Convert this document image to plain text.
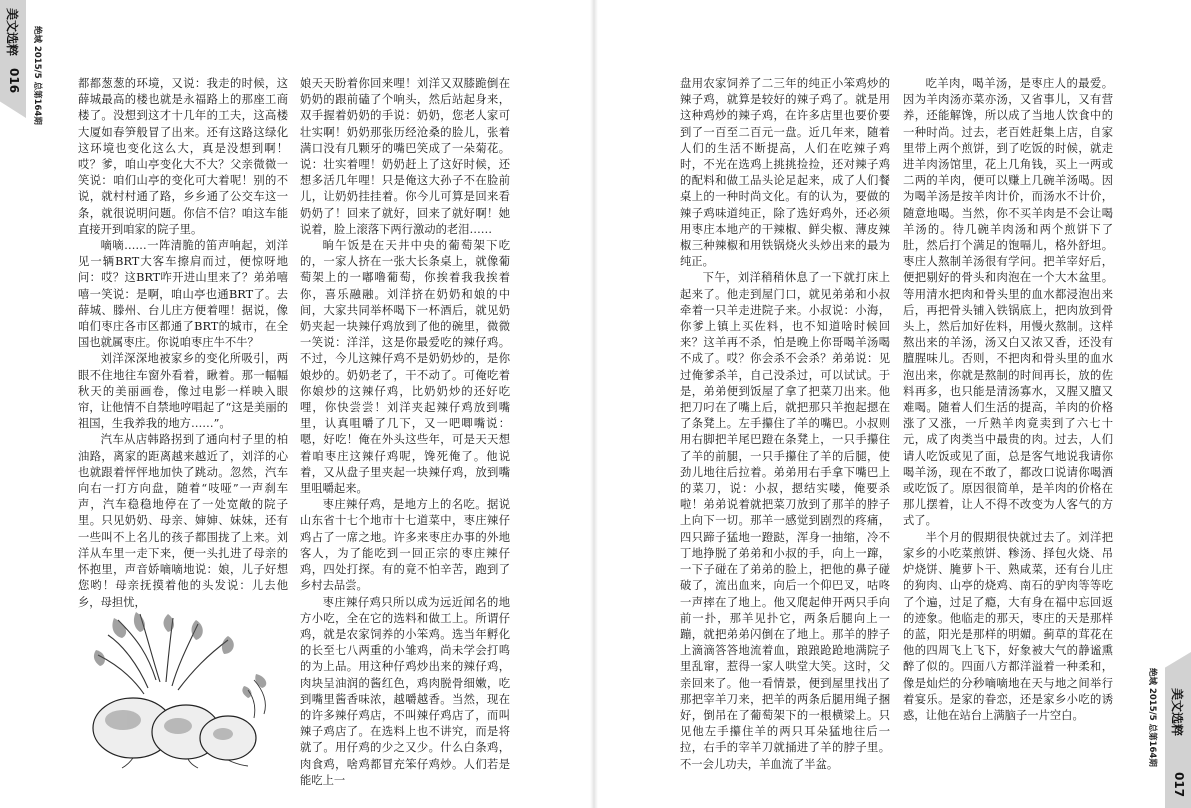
美文选粹
016 绝域 2015/5 总第164期
美文选粹
017
绝域 2015/5 总第164期

都都葱葱的环境，又说：我走的时候，这薛城最高的楼也就是永福路上的那座工商楼了。没想到这才十几年的工夫，这高楼大厦如春笋般冒了出来。还有这路这绿化这环境也变化这么大，真是没想到啊！哎？爹，咱山亭变化大不大？父亲微微一笑说：咱们山亭的变化可大着呢！别的不说，就村村通了路，乡乡通了公交车这一条，就很说明问题。你信不信？咱这车能直接开到咱家的院子里。

嘀嘀……一阵清脆的笛声响起，刘洋见一辆BRT大客车擦肩而过，便惊呀地问：哎？这BRT咋开进山里来了？弟弟嘻嘻一笑说：是啊，咱山亭也通BRT了。去薛城、滕州、台儿庄方便着哩！据说，像咱们枣庄各市区都通了BRT的城市，在全国也就属枣庄。你说咱枣庄牛不牛？

刘洋深深地被家乡的变化所吸引，两眼不住地往车窗外看着，瞅着。那一幅幅秋天的美丽画卷，像过电影一样映入眼帘，让他情不自禁地哼唱起了“这是美丽的祖国，生我养我的地方……”。

汽车从店韩路拐到了通向村子里的柏油路，离家的距离越来越近了，刘洋的心也就跟着怦怦地加快了跳动。忽然，汽车向右一打方向盘，随着“吱哑”一声刹车声，汽车稳稳地停在了一处宽敞的院子里。只见奶奶、母亲、婶婶、妹妹，还有一些叫不上名儿的孩子都围拢了上来。刘洋从车里一走下来，便一头扎进了母亲的怀抱里，声音娇嘀嘀地说：娘，儿子好想您哟！母亲抚摸着他的头发说：儿去他乡，母担忧，

娘天天盼着你回来哩！刘洋又双膝跪倒在奶奶的跟前磕了个响头，然后站起身来，双手握着奶奶的手说：奶奶，您老人家可壮实啊！奶奶那张历经沧桑的脸儿，张着满口没有几颗牙的嘴巴笑成了一朵菊花。说：壮实着哩！奶奶赶上了这好时候，还想多活几年哩！只是俺这大孙子不在脸前儿，让奶奶挂挂着。你今儿可算是回来看奶奶了！回来了就好，回来了就好啊！她说着，脸上滚落下两行激动的老泪……

晌午饭是在天井中央的葡萄架下吃的，一家人挤在一张大长条桌上，就像葡萄架上的一嘟噜葡萄，你挨着我我挨着你，喜乐融融。刘洋挤在奶奶和娘的中间，大家共同举杯喝下一杯酒后，就见奶奶夹起一块辣仔鸡放到了他的碗里，微微一笑说：洋洋，这是你最爱吃的辣仔鸡。不过，今儿这辣仔鸡不是奶奶炒的，是你娘炒的。奶奶老了，干不动了。可俺吃着你娘炒的这辣仔鸡，比奶奶炒的还好吃哩，你快尝尝！刘洋夹起辣仔鸡放到嘴里，认真咀嚼了几下，又一吧唧嘴说：嗯，好吃！俺在外头这些年，可是天天想着咱枣庄这辣仔鸡呢，馋死俺了。他说着，又从盘子里夹起一块辣仔鸡，放到嘴里咀嚼起来。

枣庄辣仔鸡，是地方上的名吃。据说山东省十七个地市十七道菜中，枣庄辣仔鸡占了一席之地。许多来枣庄办事的外地客人，为了能吃到一回正宗的枣庄辣仔鸡，四处打探。有的竟不怕辛苦，跑到了乡村去品尝。

枣庄辣仔鸡只所以成为远近闻名的地方小吃，全在它的选料和做工上。所谓仔鸡，就是农家饲养的小笨鸡。选当年孵化的长至七八两重的小雏鸡，尚未学会打鸣的为上品。用这种仔鸡炒出来的辣仔鸡，肉块呈油润的酱红色，鸡肉脱骨细嫩，吃到嘴里酱香味浓，越嚼越香。当然，现在的许多辣仔鸡店，不叫辣仔鸡店了，而叫辣子鸡店了。在选料上也不讲究，而是将就了。用仔鸡的少之又少。什么白条鸡，肉食鸡，啥鸡都冒充笨仔鸡炒。人们若是能吃上一

盘用农家饲养了二三年的纯正小笨鸡炒的辣子鸡，就算是较好的辣子鸡了。就是用这种鸡炒的辣子鸡，在许多店里也要价要到了一百至二百元一盘。近几年来，随着人们的生活不断提高，人们在吃辣子鸡时，不光在选鸡上挑挑捡捡，还对辣子鸡的配料和做工品头论足起来，成了人们餐桌上的一种时尚文化。有的认为，要做的辣子鸡味道纯正，除了选好鸡外，还必须用枣庄本地产的干辣椒、鲜尖椒、薄皮辣椒三种辣椒和用铁锅烧火头炒出来的最为纯正。

下午，刘洋稍稍休息了一下就打床上起来了。他走到屋门口，就见弟弟和小叔牵着一只羊走进院子来。小叔说：小海，你爹上镇上买佐料，也不知道啥时候回来？这羊再不杀，怕是晚上你哥喝羊汤喝不成了。哎？你会杀不会杀？弟弟说：见过俺爹杀羊，自己没杀过，可以试试。于是，弟弟便到饭屋了拿了把菜刀出来。他把刀叼在了嘴上后，就把那只羊抱起摁在了条凳上。左手攥住了羊的嘴巴。小叔则用右脚把羊尾巴蹬在条凳上，一只手攥住了羊的前腿，一只手攥住了羊的后腿，使劲儿地往后拉着。弟弟用右手拿下嘴巴上的菜刀，说：小叔，摁结实喽，俺要杀啦！弟弟说着就把菜刀放到了那羊的脖子上向下一切。那羊一感觉到剧烈的疼痛，四只蹄子猛地一蹬跶，浑身一抽缩，冷不丁地挣脱了弟弟和小叔的手，向上一蹿，一下子碰在了弟弟的脸上，把他的鼻子碰破了，流出血来，向后一个仰巴叉，咕咚一声摔在了地上。他又爬起伸开两只手向前一扑，那羊见扑它，两条后腿向上一蹦，就把弟弟闪倒在了地上。那羊的脖子上滴滴答答地流着血，踉踉跄跄地满院子里乱窜，惹得一家人哄堂大笑。这时，父亲回来了。他一看情景，便到屋里找出了那把宰羊刀来，把羊的两条后腿用绳子捆好，倒吊在了葡萄架下的一根横梁上。只见他左手攥住羊的两只耳朵猛地往后一拉，右手的宰羊刀就捅进了羊的脖子里。不一会儿功夫，羊血流了半盆。

吃羊肉，喝羊汤，是枣庄人的最爱。因为羊肉汤亦菜亦汤，又省事儿，又有营养，还能解馋，所以成了当地人饮食中的一种时尚。过去，老百姓赶集上店，自家里带上两个煎饼，到了吃饭的时候，就走进羊肉汤馆里，花上几角钱，买上一两或二两的羊肉，便可以赚上几碗羊汤喝。因为喝羊汤是按羊肉计价，而汤水不计价，随意地喝。当然，你不买羊肉是不会让喝羊汤的。待几碗羊肉汤和两个煎饼下了肚，然后打个满足的饱嗝儿，格外舒坦。枣庄人熬制羊汤很有学问。把羊宰好后，便把剔好的骨头和肉泡在一个大木盆里。等用清水把肉和骨头里的血水都浸泡出来后，再把骨头铺入铁锅底上，把肉放到骨头上，然后加好佐料，用慢火熬制。这样熬出来的羊汤，汤又白又浓又香，还没有膻腥味儿。否则，不把肉和骨头里的血水泡出来，你就是熬制的时间再长，放的佐料再多，也只能是清汤寡水，又腥又膻又难喝。随着人们生活的提高，羊肉的价格涨了又涨，一斤熟羊肉竟卖到了六七十元，成了肉类当中最贵的肉。过去，人们请人吃饭或见了面，总是客气地说我请你喝羊汤，现在不敢了，都改口说请你喝酒或吃饭了。原因很简单，是羊肉的价格在那儿摆着，让人不得不改变为人客气的方式了。

半个月的假期很快就过去了。刘洋把家乡的小吃菜煎饼、糁汤、择包火烧、吊炉烧饼、腌萝卜干、熟咸菜，还有台儿庄的狗肉、山亭的烧鸡、南石的驴肉等等吃了个遍，过足了瘾，大有身在福中忘回返的迹象。他临走的那天，枣庄的天是那样的蓝，阳光是那样的明媚。蓟草的茸花在他的四周飞上飞下，好象被大气的静谧熏醉了似的。四面八方都洋溢着一种柔和，像是灿烂的分秒嘀嘀地在天与地之间举行着宴乐。是家的眷恋，还是家乡小吃的诱惑，让他在站台上满脑子一片空白。
